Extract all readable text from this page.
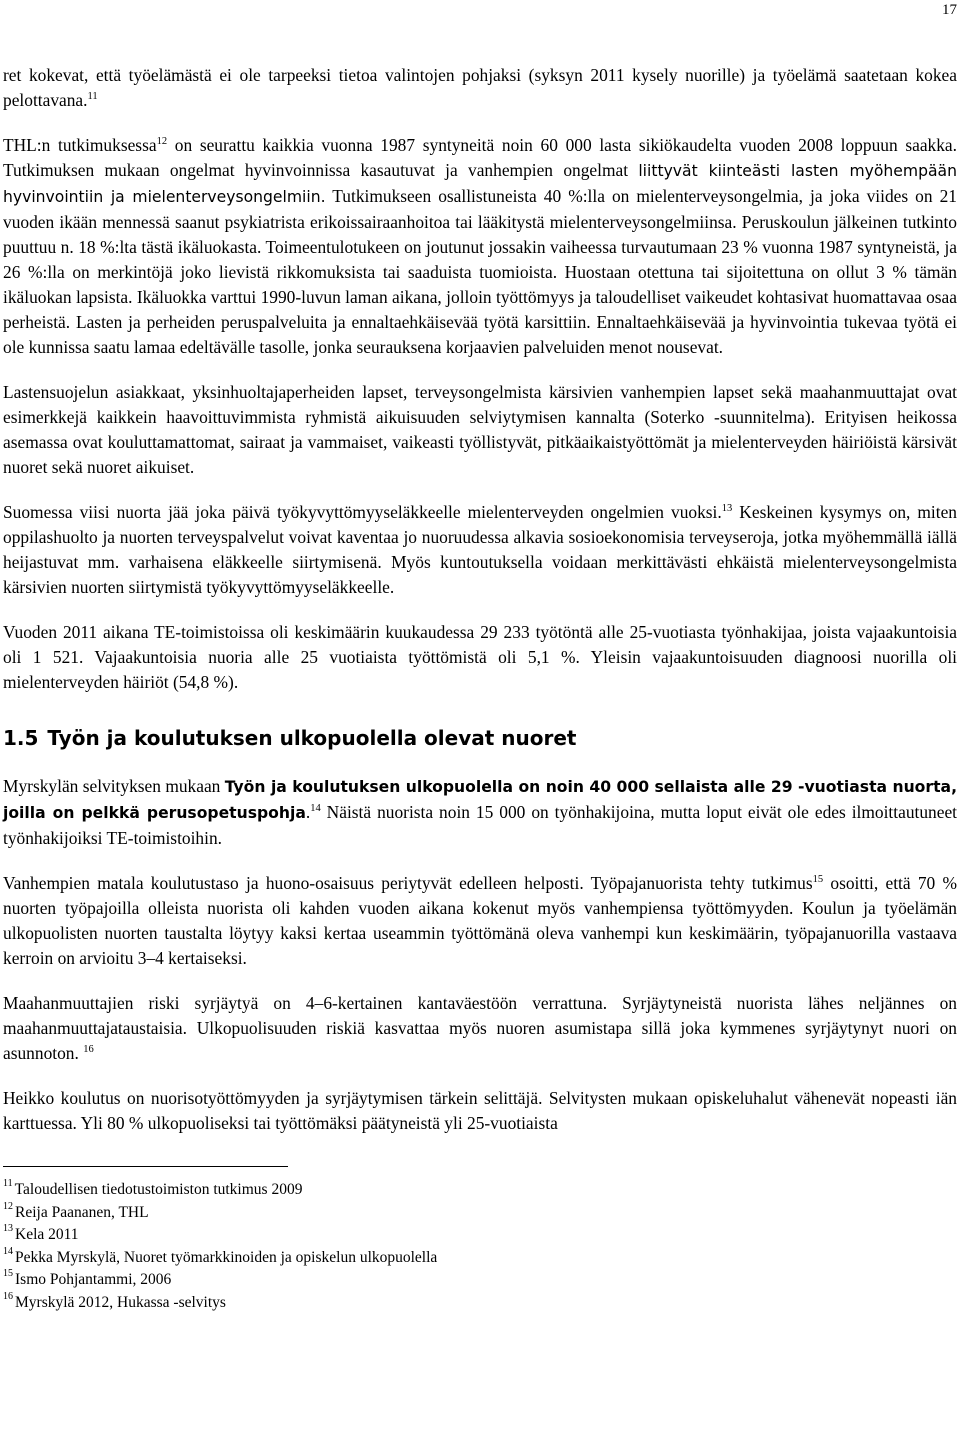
17

ret kokevat, että työelämästä ei ole tarpeeksi tietoa valintojen pohjaksi (syksyn 2011 kysely nuorille) ja työelämä saatetaan kokea pelottavana.$^{11}$

THL:n tutkimuksessa$^{12}$ on seurattu kaikkia vuonna 1987 syntyneitä noin 60 000 lasta sikiökaudelta vuoden 2008 loppuun saakka. Tutkimuksen mukaan ongelmat hyvinvoinnissa kasautuvat ja vanhempien ongelmat liittyvät kiinteästi lasten myöhempään hyvinvointiin ja mielenterveysongelmiin. Tutkimukseen osallistuneista 40 %:lla on mielenterveysongelmia, ja joka viides on 21 vuoden ikään mennessä saanut psykiatrista erikoissairaanhoitoa tai lääkitystä mielenterveysongelmiinsa. Peruskoulun jälkeinen tutkinto puuttuu n. 18 %:lta tästä ikäluokasta. Toimeentulotukeen on joutunut jossakin vaiheessa turvautumaan 23 % vuonna 1987 syntyneistä, ja 26 %:lla on merkintöjä joko lievistä rikkomuksista tai saaduista tuomioista. Huostaan otettuna tai sijoitettuna on ollut 3 % tämän ikäluokan lapsista. Ikäluokka varttui 1990-luvun laman aikana, jolloin työttömyys ja taloudelliset vaikeudet kohtasivat huomattavaa osaa perheistä. Lasten ja perheiden peruspalveluita ja ennaltaehkäisevää työtä karsittiin. Ennaltaehkäisevää ja hyvinvointia tukevaa työtä ei ole kunnissa saatu lamaa edeltävälle tasolle, jonka seurauksena korjaavien palveluiden menot nousevat.

Lastensuojelun asiakkaat, yksinhuoltajaperheiden lapset, terveysongelmista kärsivien vanhempien lapset sekä maahanmuuttajat ovat esimerkkejä kaikkein haavoittuvimmista ryhmistä aikuisuuden selviytymisen kannalta (Soterko -suunnitelma). Erityisen heikossa asemassa ovat kouluttamattomat, sairaat ja vammaiset, vaikeasti työllistyvät, pitkäaikaistyöttömät ja mielenterveyden häiriöistä kärsivät nuoret sekä nuoret aikuiset.

Suomessa viisi nuorta jää joka päivä työkyvyttömyyseläkkeelle mielenterveyden ongelmien vuoksi.$^{13}$ Keskeinen kysymys on, miten oppilashuolto ja nuorten terveyspalvelut voivat kaventaa jo nuoruudessa alkavia sosioekonomisia terveyseroja, jotka myöhemmällä iällä heijastuvat mm. varhaisena eläkkeelle siirtymisenä. Myös kuntoutuksella voidaan merkittävästi ehkäistä mielenterveysongelmista kärsivien nuorten siirtymistä työkyvyttömyyseläkkeelle.

Vuoden 2011 aikana TE-toimistoissa oli keskimäärin kuukaudessa 29 233 työtöntä alle 25-vuotiasta työnhakijaa, joista vajaakuntoisia oli 1 521. Vajaakuntoisia nuoria alle 25 vuotiaista työttömistä oli 5,1 %. Yleisin vajaakuntoisuuden diagnoosi nuorilla oli mielenterveyden häiriöt (54,8 %).

1.5 Työn ja koulutuksen ulkopuolella olevat nuoret

Myrskylän selvityksen mukaan Työn ja koulutuksen ulkopuolella on noin 40 000 sellaista alle 29 -vuotiasta nuorta, joilla on pelkkä perusopetuspohja.$^{14}$ Näistä nuorista noin 15 000 on työnhakijoina, mutta loput eivät ole edes ilmoittautuneet työnhakijoiksi TE-toimistoihin.

Vanhempien matala koulutustaso ja huono-osaisuus periytyvät edelleen helposti. Työpajanuorista tehty tutkimus$^{15}$ osoitti, että 70 % nuorten työpajoilla olleista nuorista oli kahden vuoden aikana kokenut myös vanhempiensa työttömyyden. Koulun ja työelämän ulkopuolisten nuorten taustalta löytyy kaksi kertaa useammin työttömänä oleva vanhempi kun keskimäärin, työpajanuorilla vastaava kerroin on arvioitu 3–4 kertaiseksi.

Maahanmuuttajien riski syrjäytyä on 4–6-kertainen kantaväestöön verrattuna. Syrjäytyneistä nuorista lähes neljännes on maahanmuuttajataustaisia. Ulkopuolisuuden riskiä kasvattaa myös nuoren asumistapa sillä joka kymmenes syrjäytynyt nuori on asunnoton. $^{16}$

Heikko koulutus on nuorisotyöttömyyden ja syrjäytymisen tärkein selittäjä. Selvitysten mukaan opiskeluhalut vähenevät nopeasti iän karttuessa. Yli 80 % ulkopuoliseksi tai työttömäksi päätyneistä yli 25-vuotiaista

$^{11}$ Taloudellisen tiedotustoimiston tutkimus 2009
$^{12}$ Reija Paananen, THL
$^{13}$ Kela 2011
$^{14}$ Pekka Myrskylä, Nuoret työmarkkinoiden ja opiskelun ulkopuolella
$^{15}$ Ismo Pohjantammi, 2006
$^{16}$ Myrskylä 2012, Hukassa -selvitys
